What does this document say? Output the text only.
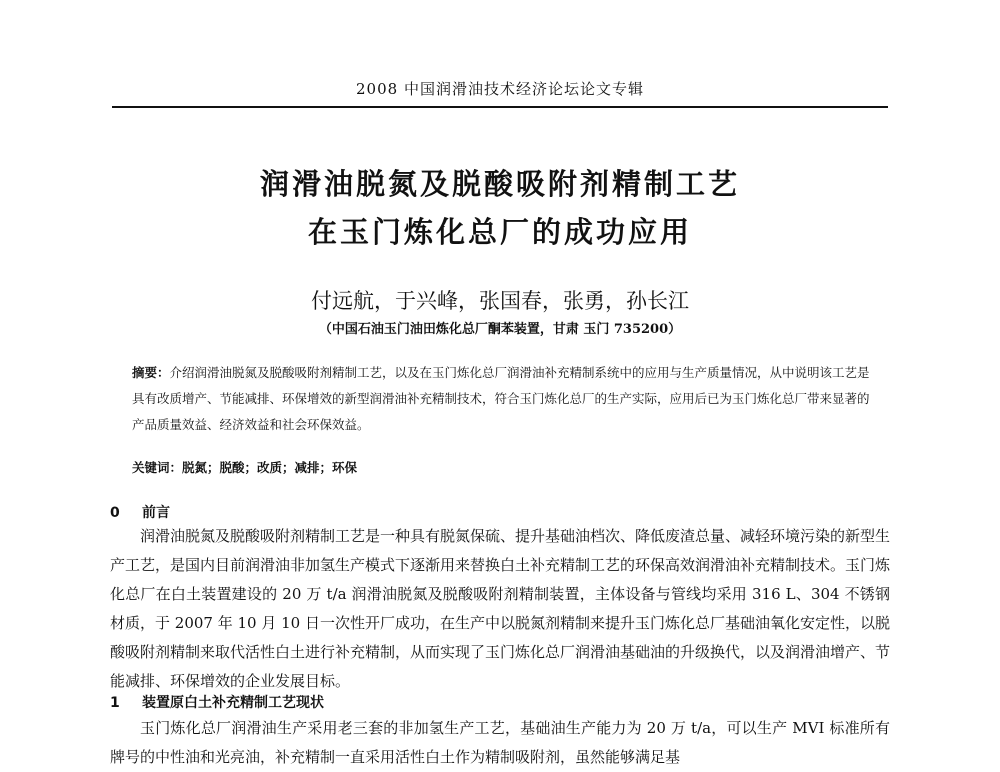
2008 中国润滑油技术经济论坛论文专辑
润滑油脱氮及脱酸吸附剂精制工艺
在玉门炼化总厂的成功应用
付远航，于兴峰，张国春，张勇，孙长江
（中国石油玉门油田炼化总厂酮苯装置，甘肃 玉门 735200）
摘要：介绍润滑油脱氮及脱酸吸附剂精制工艺，以及在玉门炼化总厂润滑油补充精制系统中的应用与生产质量情况，从中说明该工艺是具有改质增产、节能减排、环保增效的新型润滑油补充精制技术，符合玉门炼化总厂的生产实际，应用后已为玉门炼化总厂带来显著的产品质量效益、经济效益和社会环保效益。
关键词：脱氮；脱酸；改质；减排；环保
0 前言
润滑油脱氮及脱酸吸附剂精制工艺是一种具有脱氮保硫、提升基础油档次、降低废渣总量、减轻环境污染的新型生产工艺，是国内目前润滑油非加氢生产模式下逐渐用来替换白土补充精制工艺的环保高效润滑油补充精制技术。玉门炼化总厂在白土装置建设的 20 万 t/a 润滑油脱氮及脱酸吸附剂精制装置，主体设备与管线均采用 316 L、304 不锈钢材质，于 2007 年 10 月 10 日一次性开厂成功，在生产中以脱氮剂精制来提升玉门炼化总厂基础油氧化安定性，以脱酸吸附剂精制来取代活性白土进行补充精制，从而实现了玉门炼化总厂润滑油基础油的升级换代，以及润滑油增产、节能减排、环保增效的企业发展目标。
1 装置原白土补充精制工艺现状
玉门炼化总厂润滑油生产采用老三套的非加氢生产工艺，基础油生产能力为 20 万 t/a，可以生产 MVI 标准所有牌号的中性油和光亮油，补充精制一直采用活性白土作为精制吸附剂，虽然能够满足基
